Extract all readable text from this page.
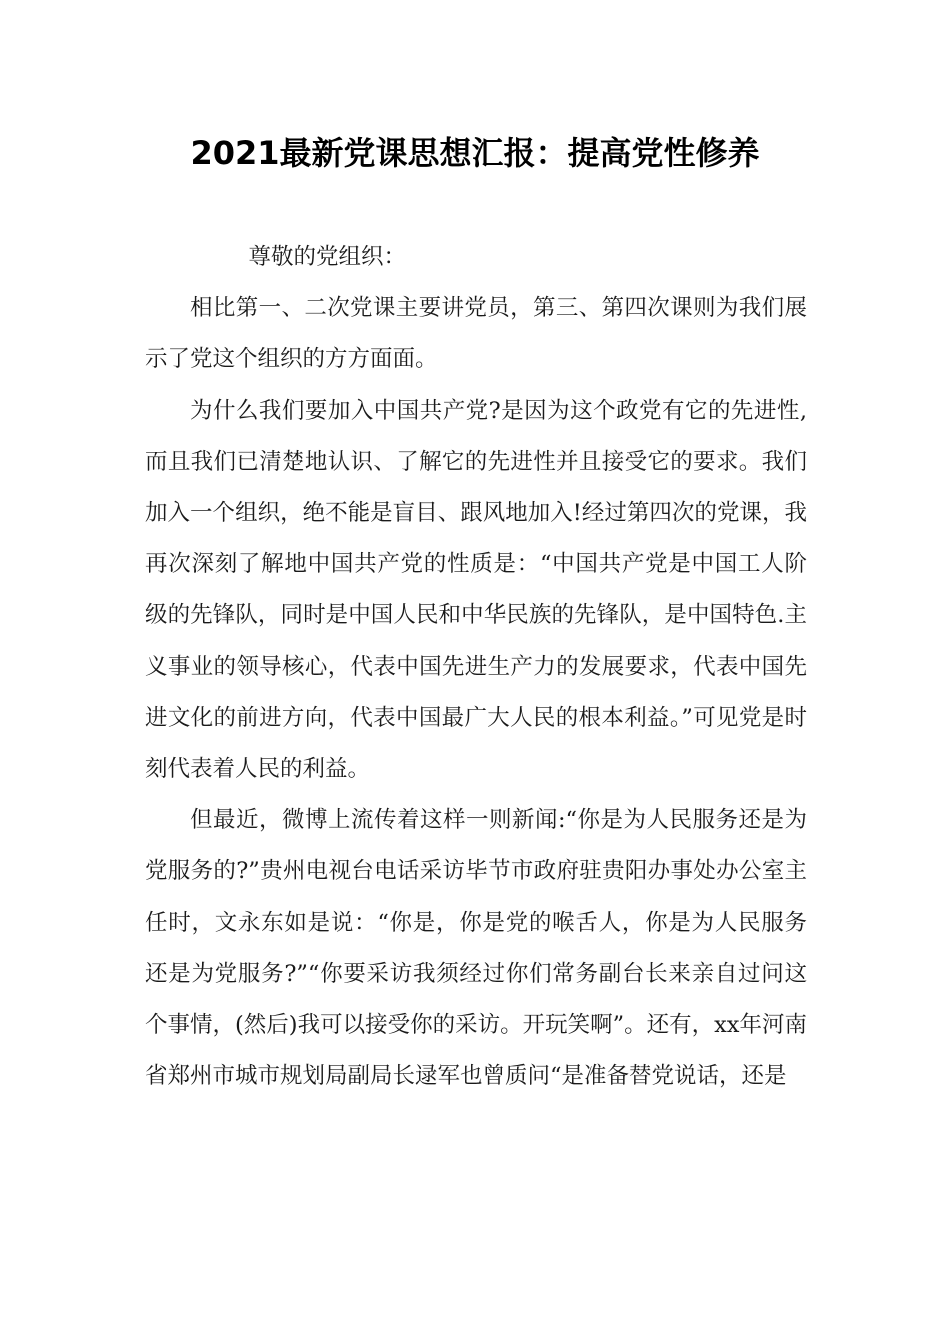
2021最新党课思想汇报：提高党性修养

尊敬的党组织：

相比第一、二次党课主要讲党员，第三、第四次课则为我们展示了党这个组织的方方面面。

为什么我们要加入中国共产党?是因为这个政党有它的先进性,而且我们已清楚地认识、了解它的先进性并且接受它的要求。我们加入一个组织，绝不能是盲目、跟风地加入!经过第四次的党课，我再次深刻了解地中国共产党的性质是：“中国共产党是中国工人阶级的先锋队，同时是中国人民和中华民族的先锋队，是中国特色.主义事业的领导核心，代表中国先进生产力的发展要求，代表中国先进文化的前进方向，代表中国最广大人民的根本利益。”可见党是时刻代表着人民的利益。

但最近，微博上流传着这样一则新闻:“你是为人民服务还是为党服务的?”贵州电视台电话采访毕节市政府驻贵阳办事处办公室主任时，文永东如是说：“你是，你是党的喉舌人，你是为人民服务还是为党服务?”“你要采访我须经过你们常务副台长来亲自过问这个事情，(然后)我可以接受你的采访。开玩笑啊”。还有，xx年河南省郑州市城市规划局副局长逯军也曾质问“是准备替党说话，还是
